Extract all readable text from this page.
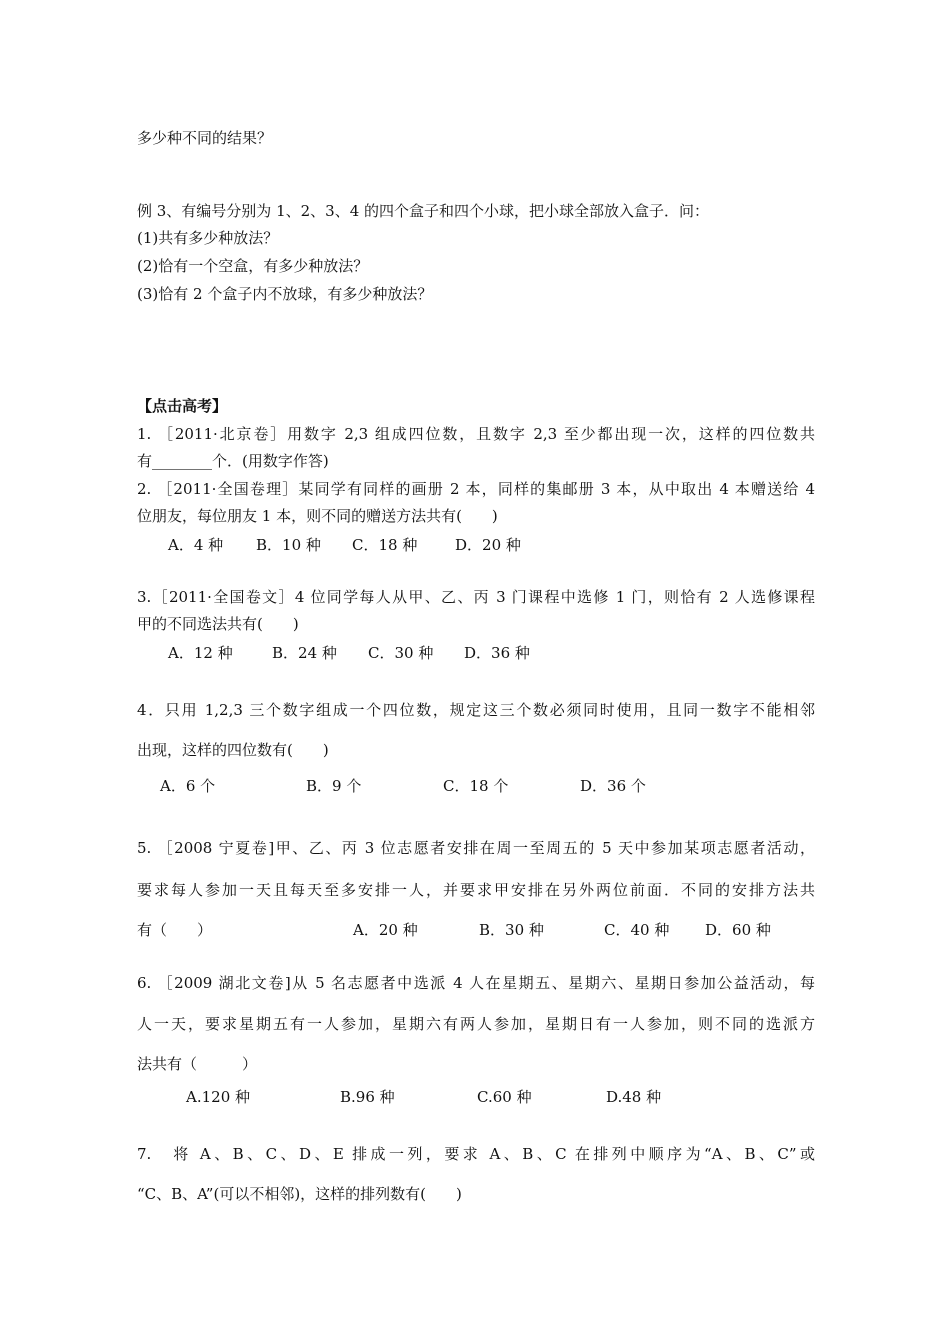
多少种不同的结果？
例 3、有编号分别为 1、2、3、4 的四个盒子和四个小球，把小球全部放入盒子．问：
(1)共有多少种放法？
(2)恰有一个空盒，有多少种放法？
(3)恰有 2 个盒子内不放球，有多少种放法？
【点击高考】
1. ［2011·北京卷］用数字 2,3 组成四位数，且数字 2,3 至少都出现一次，这样的四位数共
有________个．(用数字作答)
2. ［2011·全国卷理］某同学有同样的画册 2 本，同样的集邮册 3 本，从中取出 4 本赠送给 4
位朋友，每位朋友 1 本，则不同的赠送方法共有(　　)
A．4 种 B．10 种 C．18 种	D．20 种
3.［2011·全国卷文］4 位同学每人从甲、乙、丙 3 门课程中选修 1 门，则恰有 2 人选修课程
甲的不同选法共有(　　)
A．12 种	B．24 种 C．30 种 D．36 种
4．只用 1,2,3 三个数字组成一个四位数，规定这三个数必须同时使用，且同一数字不能相邻
出现，这样的四位数有(　　)
A．6 个	B．9 个	C．18 个	D．36 个
5. ［2008 宁夏卷]甲、乙、丙 3 位志愿者安排在周一至周五的 5 天中参加某项志愿者活动，
要求每人参加一天且每天至多安排一人，并要求甲安排在另外两位前面．不同的安排方法共
有（　　）	A．20 种	B．30 种	C．40 种 D．60 种
6. ［2009 湖北文卷]从 5 名志愿者中选派 4 人在星期五、星期六、星期日参加公益活动，每
人一天，要求星期五有一人参加，星期六有两人参加，星期日有一人参加，则不同的选派方
法共有（　　　）
A.120 种	B.96 种	C.60 种	D.48 种
7.　将 A、B、C、D、E 排成一列，要求 A、B、C 在排列中顺序为“A、B、C”或
“C、B、A”(可以不相邻)，这样的排列数有(　　)
